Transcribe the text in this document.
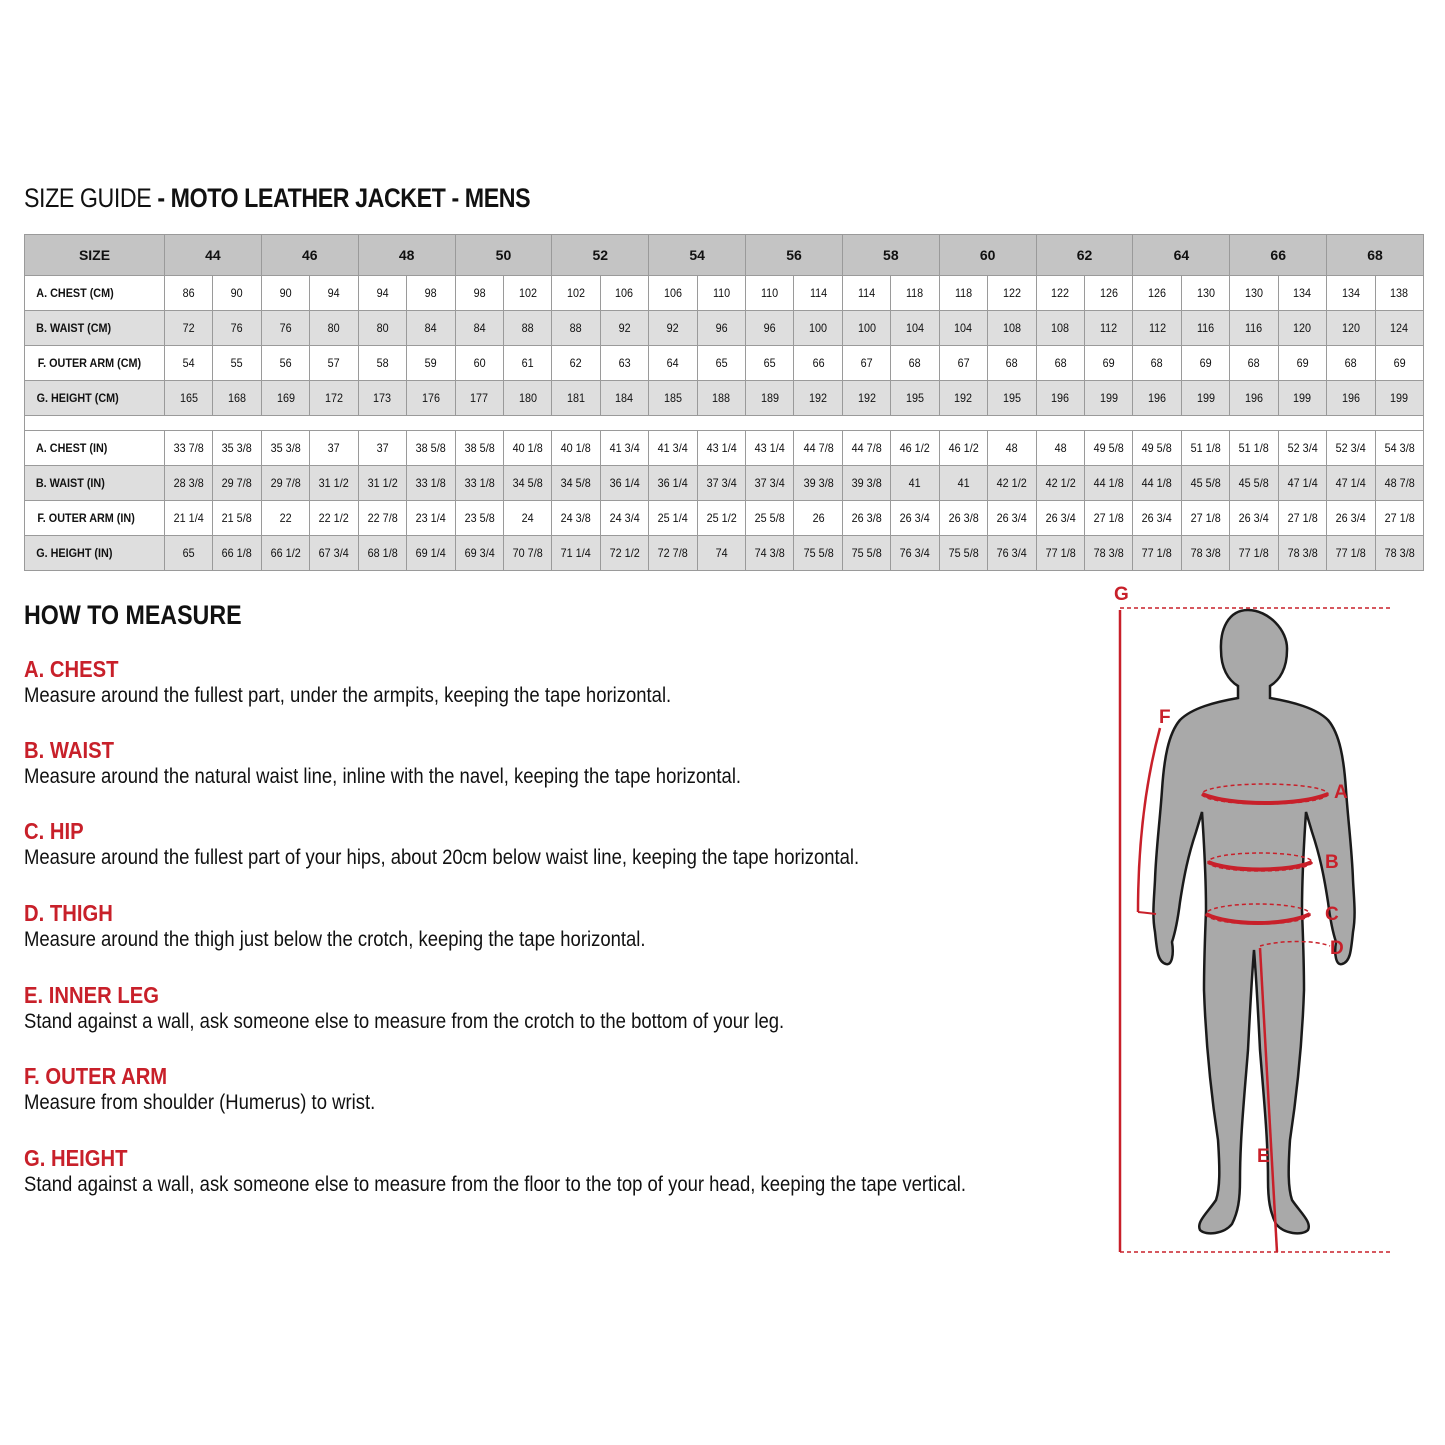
SIZE GUIDE - MOTO LEATHER JACKET - MENS
SIZE	44		46		48		50		52		54		56		58		60		62		64		66		68	
A. CHEST (CM)	86	90	90	94	94	98	98	102	102	106	106	110	110	114	114	118	118	122	122	126	126	130	130	134	134	138
B. WAIST (CM)	72	76	76	80	80	84	84	88	88	92	92	96	96	100	100	104	104	108	108	112	112	116	116	120	120	124
F. OUTER ARM (CM)	54	55	56	57	58	59	60	61	62	63	64	65	65	66	67	68	67	68	68	69	68	69	68	69	68	69
G. HEIGHT (CM)	165	168	169	172	173	176	177	180	181	184	185	188	189	192	192	195	192	195	196	199	196	199	196	199	196	199

A. CHEST (IN)	33 7/8	35 3/8	35 3/8	37	37	38 5/8	38 5/8	40 1/8	40 1/8	41 3/4	41 3/4	43 1/4	43 1/4	44 7/8	44 7/8	46 1/2	46 1/2	48	48	49 5/8	49 5/8	51 1/8	51 1/8	52 3/4	52 3/4	54 3/8
B. WAIST (IN)	28 3/8	29 7/8	29 7/8	31 1/2	31 1/2	33 1/8	33 1/8	34 5/8	34 5/8	36 1/4	36 1/4	37 3/4	37 3/4	39 3/8	39 3/8	41	41	42 1/2	42 1/2	44 1/8	44 1/8	45 5/8	45 5/8	47 1/4	47 1/4	48 7/8
F. OUTER ARM (IN)	21 1/4	21 5/8	22	22 1/2	22 7/8	23 1/4	23 5/8	24	24 3/8	24 3/4	25 1/4	25 1/2	25 5/8	26	26 3/8	26 3/4	26 3/8	26 3/4	26 3/4	27 1/8	26 3/4	27 1/8	26 3/4	27 1/8	26 3/4	27 1/8
G. HEIGHT (IN)	65	66 1/8	66 1/2	67 3/4	68 1/8	69 1/4	69 3/4	70 7/8	71 1/4	72 1/2	72 7/8	74	74 3/8	75 5/8	75 5/8	76 3/4	75 5/8	76 3/4	77 1/8	78 3/8	77 1/8	78 3/8	77 1/8	78 3/8	77 1/8	78 3/8
HOW TO MEASURE
A. CHEST
Measure around the fullest part, under the armpits, keeping the tape horizontal.
B. WAIST
Measure around the natural waist line, inline with the navel, keeping the tape horizontal.
C. HIP
Measure around the fullest part of your hips, about 20cm below waist line, keeping the tape horizontal.
D. THIGH
Measure around the thigh just below the crotch, keeping the tape horizontal.
E. INNER LEG
Stand against a wall, ask someone else to measure from the crotch to the bottom of your leg.
F. OUTER ARM
Measure from shoulder (Humerus) to wrist.
G. HEIGHT
Stand against a wall, ask someone else to measure from the floor to the top of your head, keeping the tape vertical.
G
F
A
B
C
D
E
